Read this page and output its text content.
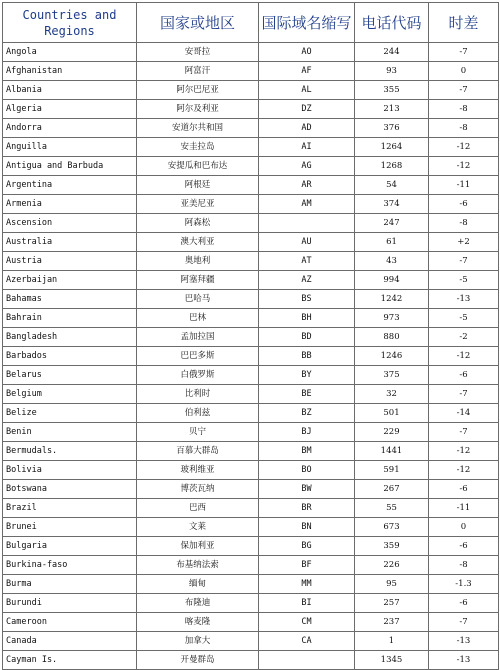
Countries and Regions	国家或地区	国际域名缩写	电话代码	时差
Angola	安哥拉	AO	244	-7
Afghanistan	阿富汗	AF	93	0
Albania	阿尔巴尼亚	AL	355	-7
Algeria	阿尔及利亚	DZ	213	-8
Andorra	安道尔共和国	AD	376	-8
Anguilla	安圭拉岛	AI	1264	-12
Antigua and Barbuda	安提瓜和巴布达	AG	1268	-12
Argentina	阿根廷	AR	54	-11
Armenia	亚美尼亚	AM	374	-6
Ascension	阿森松		247	-8
Australia	澳大利亚	AU	61	+2
Austria	奥地利	AT	43	-7
Azerbaijan	阿塞拜疆	AZ	994	-5
Bahamas	巴哈马	BS	1242	-13
Bahrain	巴林	BH	973	-5
Bangladesh	孟加拉国	BD	880	-2
Barbados	巴巴多斯	BB	1246	-12
Belarus	白俄罗斯	BY	375	-6
Belgium	比利时	BE	32	-7
Belize	伯利兹	BZ	501	-14
Benin	贝宁	BJ	229	-7
Bermudals.	百慕大群岛	BM	1441	-12
Bolivia	玻利维亚	BO	591	-12
Botswana	博茨瓦纳	BW	267	-6
Brazil	巴西	BR	55	-11
Brunei	文莱	BN	673	0
Bulgaria	保加利亚	BG	359	-6
Burkina-faso	布基纳法索	BF	226	-8
Burma	缅甸	MM	95	-1.3
Burundi	布隆迪	BI	257	-6
Cameroon	喀麦隆	CM	237	-7
Canada	加拿大	CA	1	-13
Cayman Is.	开曼群岛		1345	-13
